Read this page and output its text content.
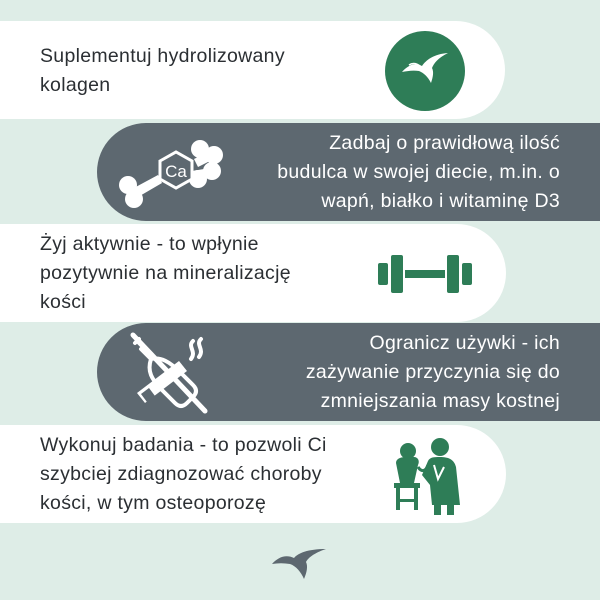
Suplementuj hydrolizowany
kolagen
Ca
Zadbaj o prawidłową ilość
budulca w swojej diecie, m.in. o
wapń, białko i witaminę D3
Żyj aktywnie - to wpłynie
pozytywnie na mineralizację
kości
Ogranicz używki - ich
zażywanie przyczynia się do
zmniejszania masy kostnej
Wykonuj badania - to pozwoli Ci
szybciej zdiagnozować choroby
kości, w tym osteoporozę
